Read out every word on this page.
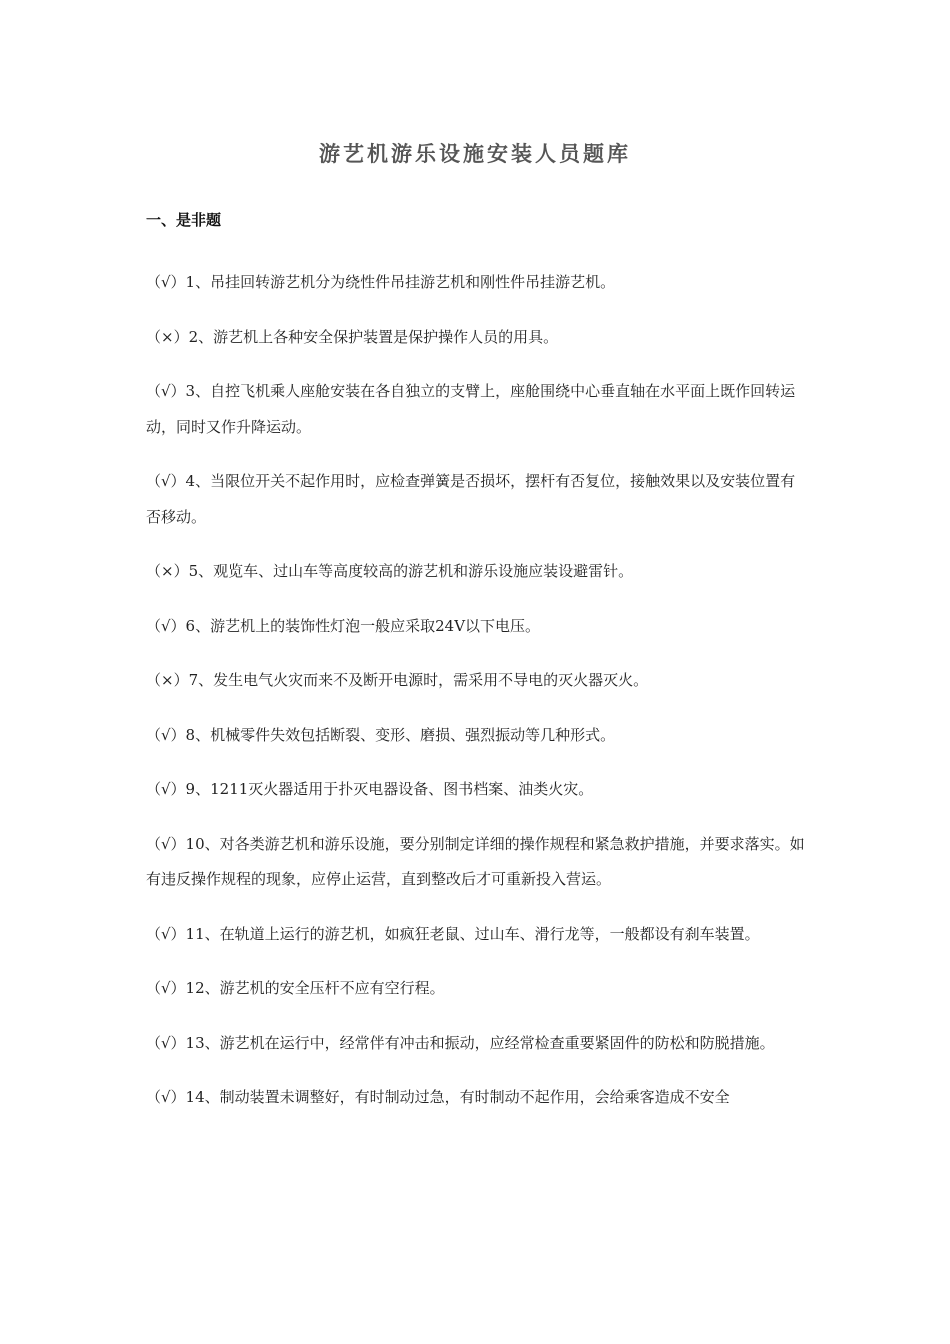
游艺机游乐设施安装人员题库
一、是非题
（√）1、吊挂回转游艺机分为绕性件吊挂游艺机和刚性件吊挂游艺机。
（×）2、游艺机上各种安全保护装置是保护操作人员的用具。
（√）3、自控飞机乘人座舱安装在各自独立的支臂上，座舱围绕中心垂直轴在水平面上既作回转运动，同时又作升降运动。
（√）4、当限位开关不起作用时，应检查弹簧是否损坏，摆杆有否复位，接触效果以及安装位置有否移动。
（×）5、观览车、过山车等高度较高的游艺机和游乐设施应装设避雷针。
（√）6、游艺机上的装饰性灯泡一般应采取24V以下电压。
（×）7、发生电气火灾而来不及断开电源时，需采用不导电的灭火器灭火。
（√）8、机械零件失效包括断裂、变形、磨损、强烈振动等几种形式。
（√）9、1211灭火器适用于扑灭电器设备、图书档案、油类火灾。
（√）10、对各类游艺机和游乐设施，要分别制定详细的操作规程和紧急救护措施，并要求落实。如有违反操作规程的现象，应停止运营，直到整改后才可重新投入营运。
（√）11、在轨道上运行的游艺机，如疯狂老鼠、过山车、滑行龙等，一般都设有刹车装置。
（√）12、游艺机的安全压杆不应有空行程。
（√）13、游艺机在运行中，经常伴有冲击和振动，应经常检查重要紧固件的防松和防脱措施。
（√）14、制动装置未调整好，有时制动过急，有时制动不起作用，会给乘客造成不安全
